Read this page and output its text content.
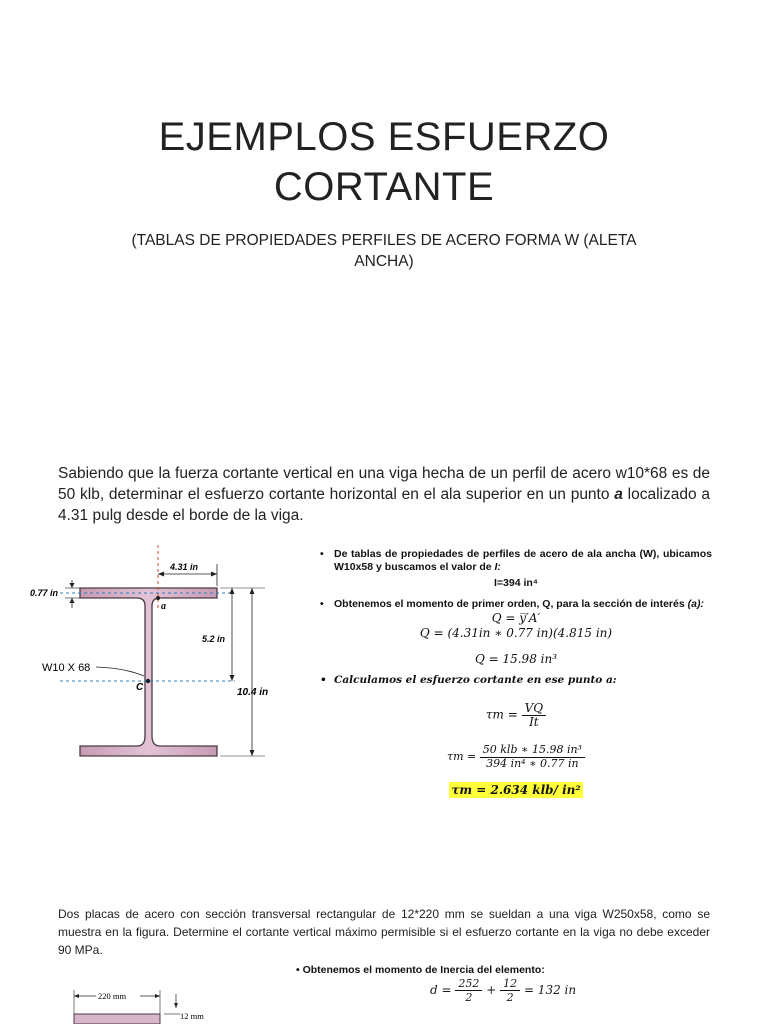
EJEMPLOS ESFUERZO
CORTANTE
(TABLAS DE PROPIEDADES PERFILES DE ACERO FORMA W (ALETA ANCHA)
Sabiendo que la fuerza cortante vertical en una viga hecha de un perfil de acero w10*68 es de 50 klb, determinar el esfuerzo cortante horizontal en el ala superior en un punto a localizado a 4.31 pulg desde el borde de la viga.
4.31 in
0.77 in
a
C
W10 X 68
5.2 in
10.4 in
• De tablas de propiedades de perfiles de acero de ala ancha (W), ubicamos W10x58 y buscamos el valor de I:
I=394 in⁴
• Obtenemos el momento de primer orden, Q, para la sección de interés (a):
Q = y̅′A′
Q = (4.31in ∗ 0.77 in)(4.815 in)
Q = 15.98 in³
• Calculamos el esfuerzo cortante en ese punto a:
$\tau m = \frac{VQ}{It}$
$\tau m = \frac{\text{50 klb ∗ 15.98 in³}}{\text{394 in⁴ ∗ 0.77 in}}$
τm = 2.634 klb/ in²
Dos placas de acero con sección transversal rectangular de 12*220 mm se sueldan a una viga W250x58, como se muestra en la figura. Determine el cortante vertical máximo permisible si el esfuerzo cortante en la viga no debe exceder 90 MPa.
• Obtenemos el momento de Inercia del elemento:
$d = \frac{252}{2} + \frac{12}{2} = 132$ in
220 mm
12 mm
